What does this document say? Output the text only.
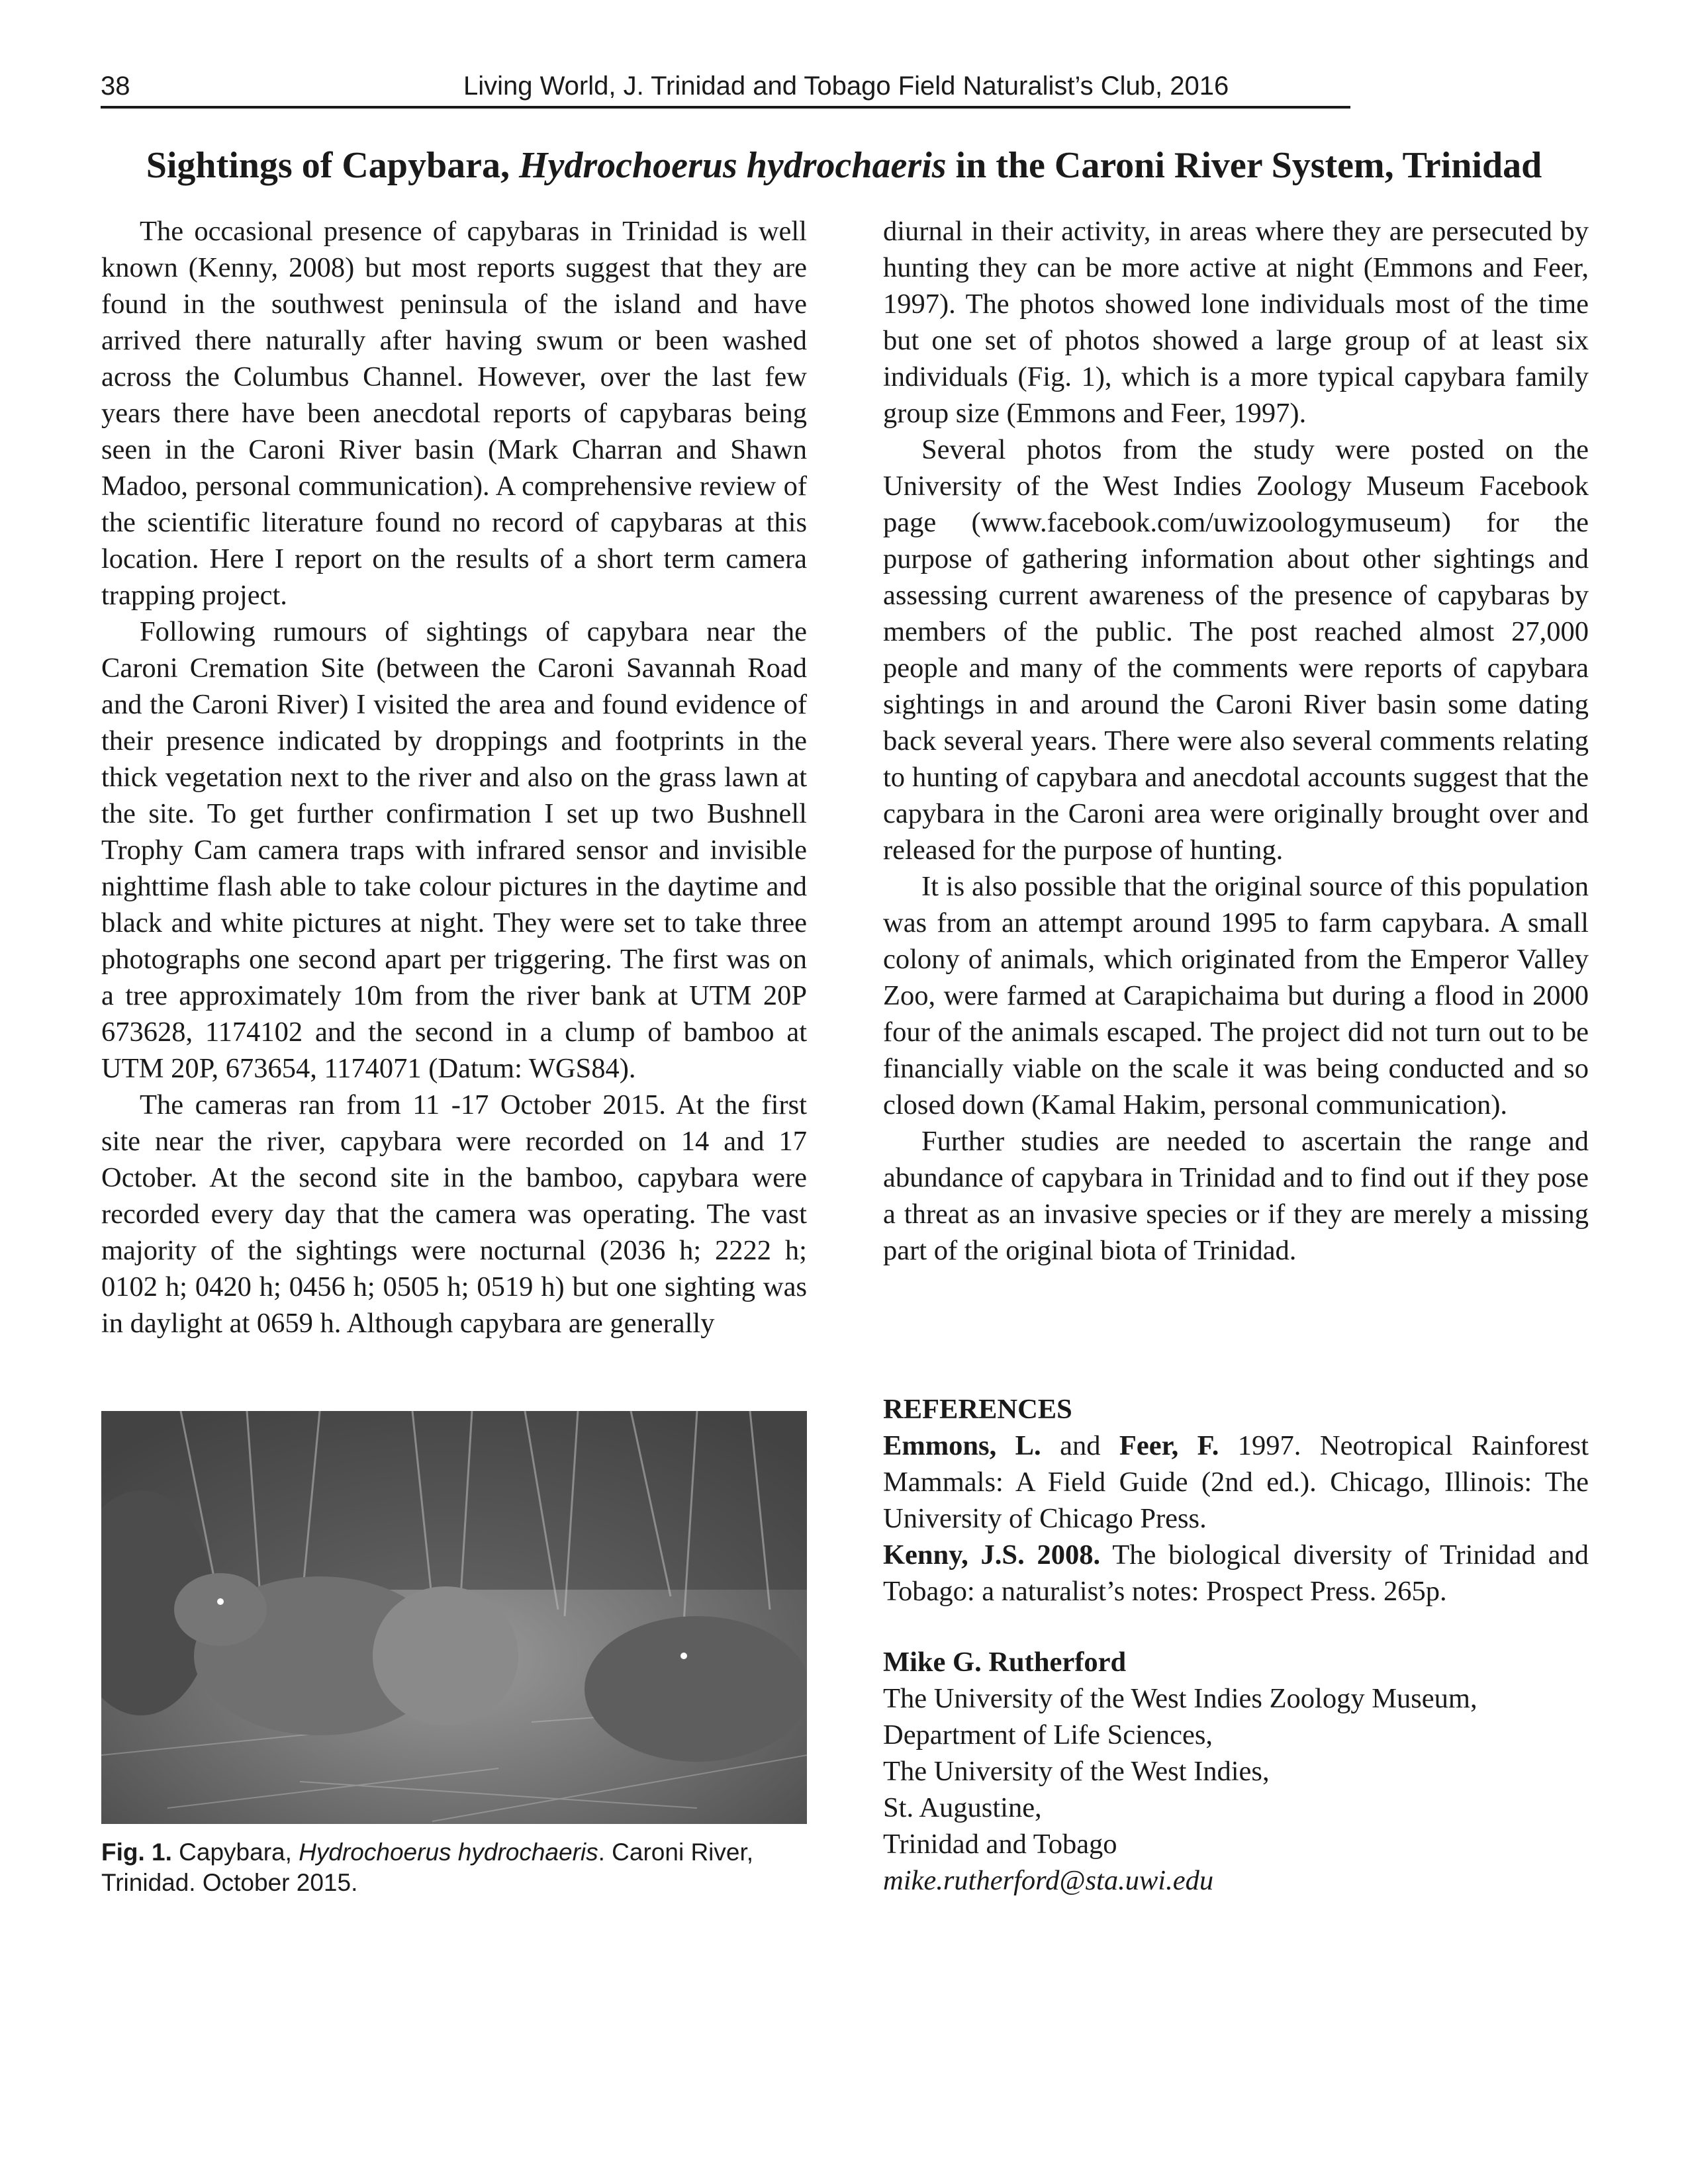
38	Living World, J. Trinidad and Tobago Field Naturalist’s Club, 2016
Sightings of Capybara, Hydrochoerus hydrochaeris in the Caroni River System, Trinidad

The occasional presence of capybaras in Trinidad is well known (Kenny, 2008) but most reports suggest that they are found in the southwest peninsula of the island and have arrived there naturally after having swum or been washed across the Columbus Channel. However, over the last few years there have been anecdotal reports of capybaras being seen in the Caroni River basin (Mark Charran and Shawn Madoo, personal communication). A comprehensive review of the scientific literature found no record of capybaras at this location. Here I report on the results of a short term camera trapping project.

Following rumours of sightings of capybara near the Caroni Cremation Site (between the Caroni Savannah Road and the Caroni River) I visited the area and found evidence of their presence indicated by droppings and footprints in the thick vegetation next to the river and also on the grass lawn at the site. To get further confirmation I set up two Bushnell Trophy Cam camera traps with infrared sensor and invisible nighttime flash able to take colour pictures in the daytime and black and white pictures at night. They were set to take three photographs one second apart per triggering. The first was on a tree approximately 10m from the river bank at UTM 20P 673628, 1174102 and the second in a clump of bamboo at UTM 20P, 673654, 1174071 (Datum: WGS84).

The cameras ran from 11 -17 October 2015. At the first site near the river, capybara were recorded on 14 and 17 October. At the second site in the bamboo, capybara were recorded every day that the camera was operating. The vast majority of the sightings were nocturnal (2036 h; 2222 h; 0102 h; 0420 h; 0456 h; 0505 h; 0519 h) but one sighting was in daylight at 0659 h. Although capybara are generally

Fig. 1. Capybara, Hydrochoerus hydrochaeris. Caroni River, Trinidad. October 2015.

diurnal in their activity, in areas where they are persecuted by hunting they can be more active at night (Emmons and Feer, 1997). The photos showed lone individuals most of the time but one set of photos showed a large group of at least six individuals (Fig. 1), which is a more typical capybara family group size (Emmons and Feer, 1997).

Several photos from the study were posted on the University of the West Indies Zoology Museum Facebook page (www.facebook.com/uwizoologymuseum) for the purpose of gathering information about other sightings and assessing current awareness of the presence of capybaras by members of the public. The post reached almost 27,000 people and many of the comments were reports of capybara sightings in and around the Caroni River basin some dating back several years. There were also several comments relating to hunting of capybara and anecdotal accounts suggest that the capybara in the Caroni area were originally brought over and released for the purpose of hunting.

It is also possible that the original source of this population was from an attempt around 1995 to farm capybara. A small colony of animals, which originated from the Emperor Valley Zoo, were farmed at Carapichaima but during a flood in 2000 four of the animals escaped. The project did not turn out to be financially viable on the scale it was being conducted and so closed down (Kamal Hakim, personal communication).

Further studies are needed to ascertain the range and abundance of capybara in Trinidad and to find out if they pose a threat as an invasive species or if they are merely a missing part of the original biota of Trinidad.

REFERENCES

Emmons, L. and Feer, F. 1997. Neotropical Rainforest Mammals: A Field Guide (2nd ed.). Chicago, Illinois: The University of Chicago Press.

Kenny, J.S. 2008. The biological diversity of Trinidad and Tobago: a naturalist’s notes: Prospect Press. 265p.

Mike G. Rutherford
The University of the West Indies Zoology Museum,
Department of Life Sciences,
The University of the West Indies,
St. Augustine,
Trinidad and Tobago
mike.rutherford@sta.uwi.edu
